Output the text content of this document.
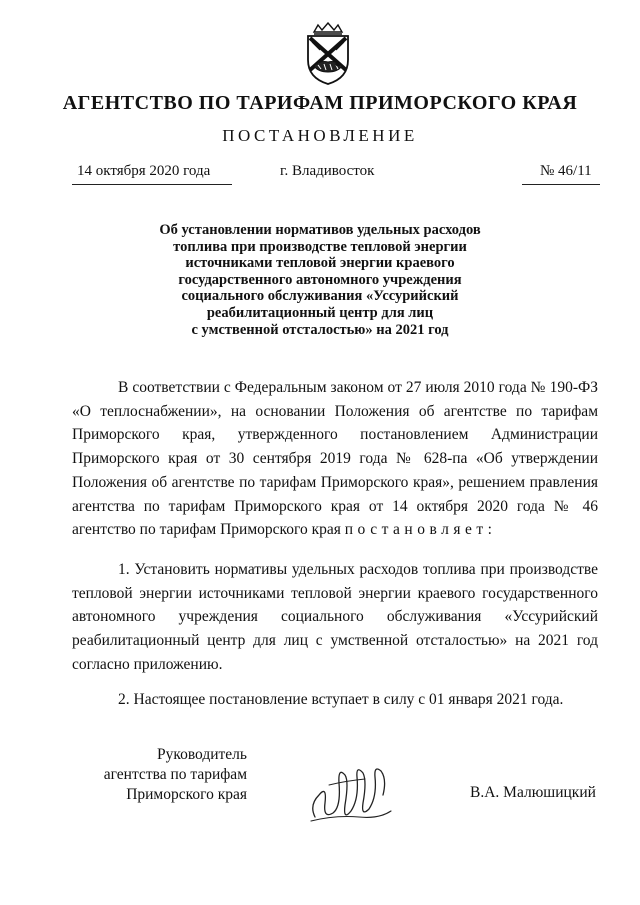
АГЕНТСТВО ПО ТАРИФАМ ПРИМОРСКОГО КРАЯ
ПОСТАНОВЛЕНИЕ
14 октября 2020 года	г. Владивосток	№ 46/11
Об установлении нормативов удельных расходов
топлива при производстве тепловой энергии
источниками тепловой энергии краевого
государственного автономного учреждения
социального обслуживания «Уссурийский
реабилитационный центр для лиц
с умственной отсталостью» на 2021 год
В соответствии с Федеральным законом от 27 июля 2010 года № 190-ФЗ
«О теплоснабжении», на основании Положения об агентстве по тарифам
Приморского края, утвержденного постановлением Администрации
Приморского края от 30 сентября 2019 года № 628-па «Об утверждении
Положения об агентстве по тарифам Приморского края», решением правления
агентства по тарифам Приморского края от 14 октября 2020 года № 46
агентство по тарифам Приморского края постановляет:
1. Установить нормативы удельных расходов топлива при производстве
тепловой энергии источниками тепловой энергии краевого государственного
автономного учреждения социального обслуживания «Уссурийский
реабилитационный центр для лиц с умственной отсталостью» на 2021 год
согласно приложению.
2. Настоящее постановление вступает в силу с 01 января 2021 года.
Руководитель
агентства по тарифам
Приморского края	В.А. Малюшицкий
